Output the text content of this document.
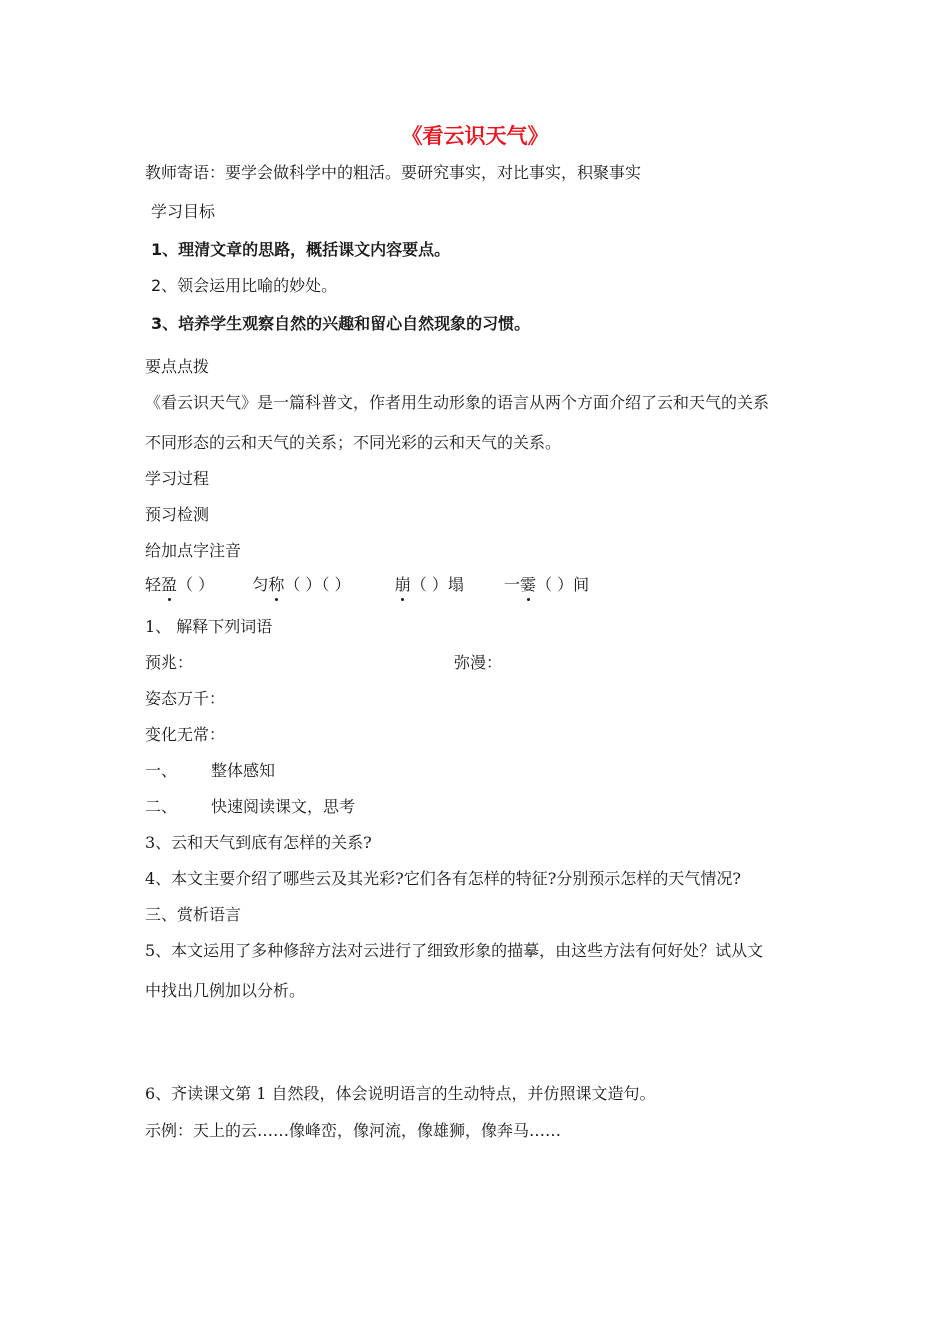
《看云识天气》
教师寄语：要学会做科学中的粗活。要研究事实，对比事实，积聚事实
学习目标
1、理清文章的思路，概括课文内容要点。
2、领会运用比喻的妙处。
3、培养学生观察自然的兴趣和留心自然现象的习惯。
要点点拨
《看云识天气》是一篇科普文，作者用生动形象的语言从两个方面介绍了云和天气的关系
不同形态的云和天气的关系；不同光彩的云和天气的关系。
学习过程
预习检测
给加点字注音
轻盈（ ） 匀称（ ）（ ）	崩（ ）塌	一霎（ ）间
1、 解释下列词语
预兆：	弥漫：
姿态万千：
变化无常：
一、 整体感知
二、 快速阅读课文，思考
3、云和天气到底有怎样的关系?
4、本文主要介绍了哪些云及其光彩?它们各有怎样的特征?分别预示怎样的天气情况?
三、赏析语言
5、本文运用了多种修辞方法对云进行了细致形象的描摹，由这些方法有何好处？试从文
中找出几例加以分析。
6、齐读课文第 1 自然段，体会说明语言的生动特点，并仿照课文造句。
示例：天上的云……像峰峦，像河流，像雄狮，像奔马……
